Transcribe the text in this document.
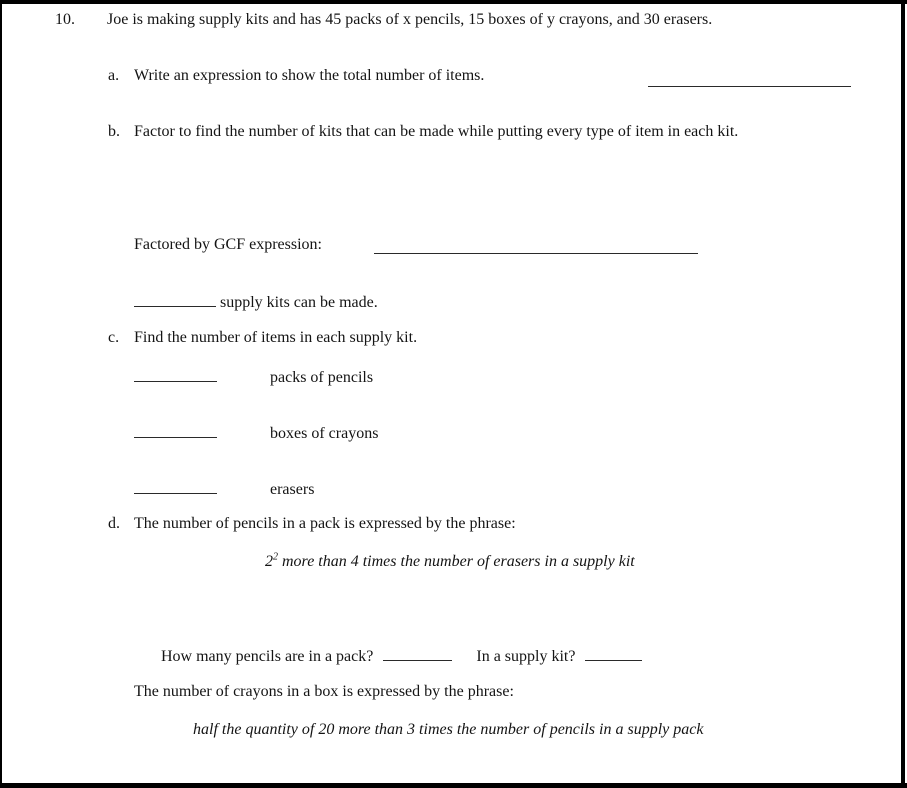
10. Joe is making supply kits and has 45 packs of x pencils, 15 boxes of y crayons, and 30 erasers.
a. Write an expression to show the total number of items.
b. Factor to find the number of kits that can be made while putting every type of item in each kit.
Factored by GCF expression:
supply kits can be made.
c. Find the number of items in each supply kit.
packs of pencils
boxes of crayons
erasers
d. The number of pencils in a pack is expressed by the phrase:
$2^2$ more than 4 times the number of erasers in a supply kit
How many pencils are in a pack?	In a supply kit?
The number of crayons in a box is expressed by the phrase:
half the quantity of 20 more than 3 times the number of pencils in a supply pack
